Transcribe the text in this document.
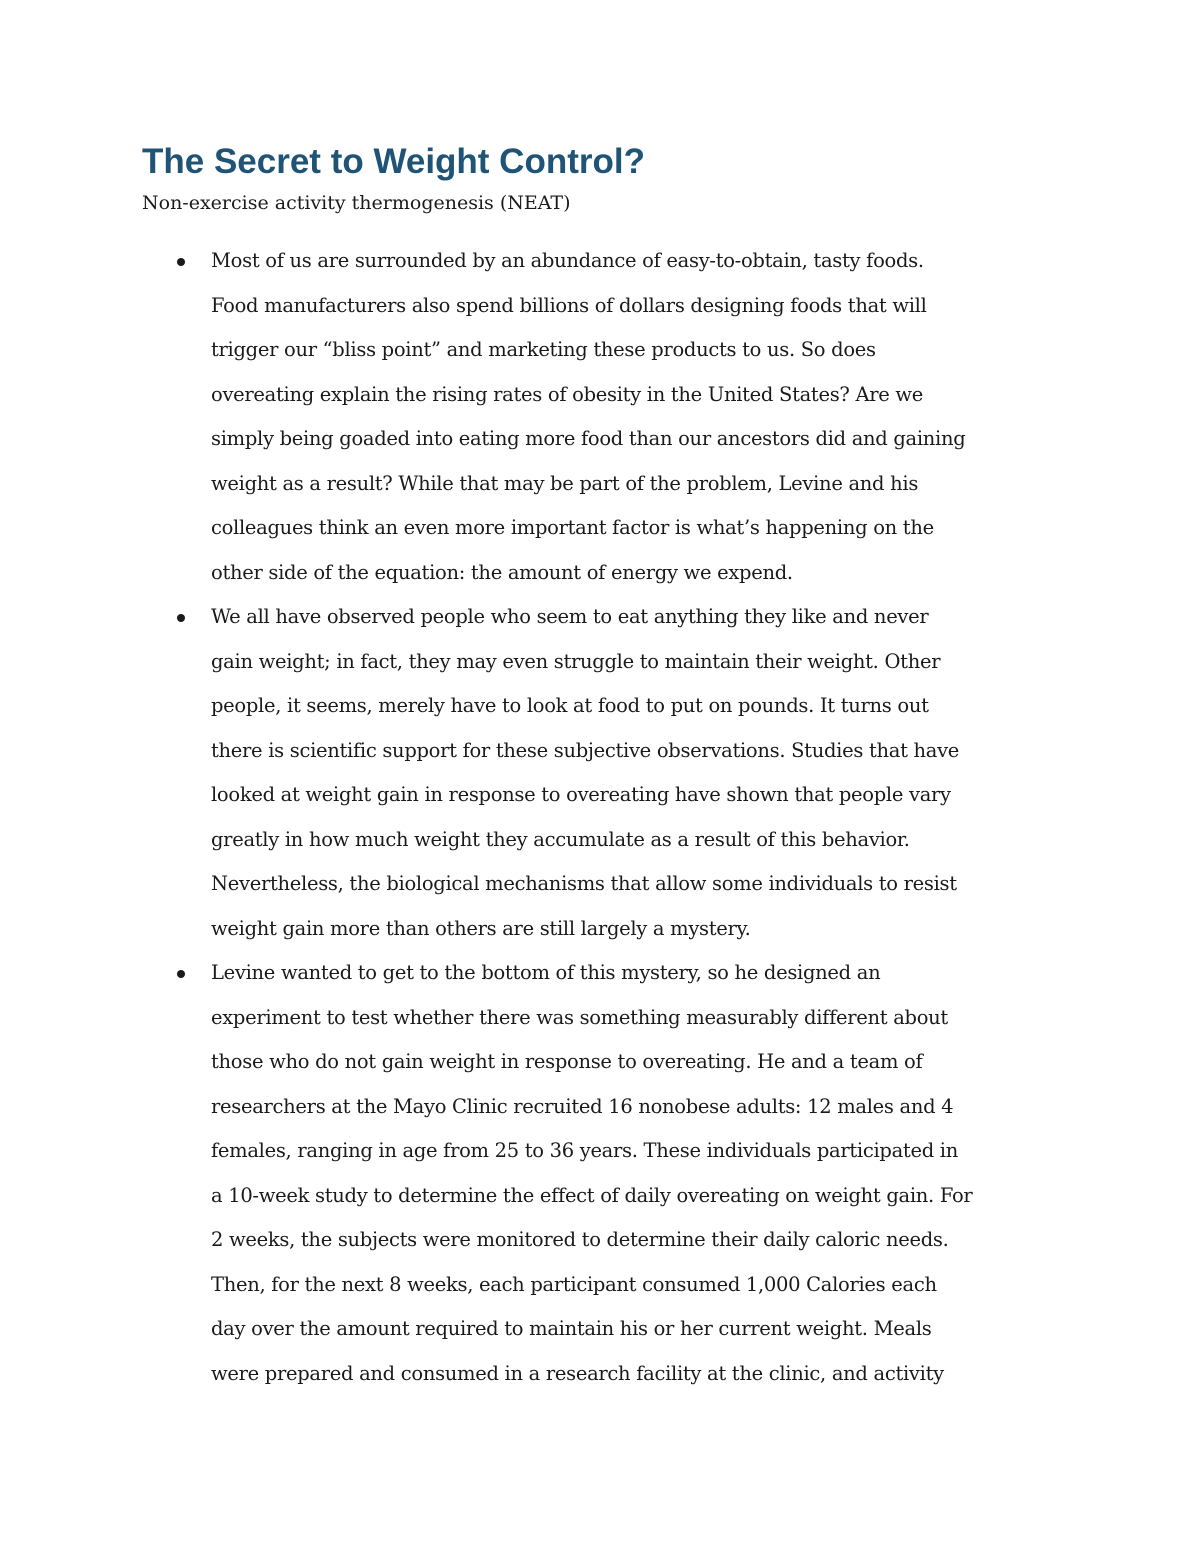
The Secret to Weight Control?

Non-exercise activity thermogenesis (NEAT)

Most of us are surrounded by an abundance of easy-to-obtain, tasty foods.
Food manufacturers also spend billions of dollars designing foods that will
trigger our “bliss point” and marketing these products to us. So does
overeating explain the rising rates of obesity in the United States? Are we
simply being goaded into eating more food than our ancestors did and gaining
weight as a result? While that may be part of the problem, Levine and his
colleagues think an even more important factor is what’s happening on the
other side of the equation: the amount of energy we expend.
We all have observed people who seem to eat anything they like and never
gain weight; in fact, they may even struggle to maintain their weight. Other
people, it seems, merely have to look at food to put on pounds. It turns out
there is scientific support for these subjective observations. Studies that have
looked at weight gain in response to overeating have shown that people vary
greatly in how much weight they accumulate as a result of this behavior.
Nevertheless, the biological mechanisms that allow some individuals to resist
weight gain more than others are still largely a mystery.
Levine wanted to get to the bottom of this mystery, so he designed an
experiment to test whether there was something measurably different about
those who do not gain weight in response to overeating. He and a team of
researchers at the Mayo Clinic recruited 16 nonobese adults: 12 males and 4
females, ranging in age from 25 to 36 years. These individuals participated in
a 10-week study to determine the effect of daily overeating on weight gain. For
2 weeks, the subjects were monitored to determine their daily caloric needs.
Then, for the next 8 weeks, each participant consumed 1,000 Calories each
day over the amount required to maintain his or her current weight. Meals
were prepared and consumed in a research facility at the clinic, and activity
